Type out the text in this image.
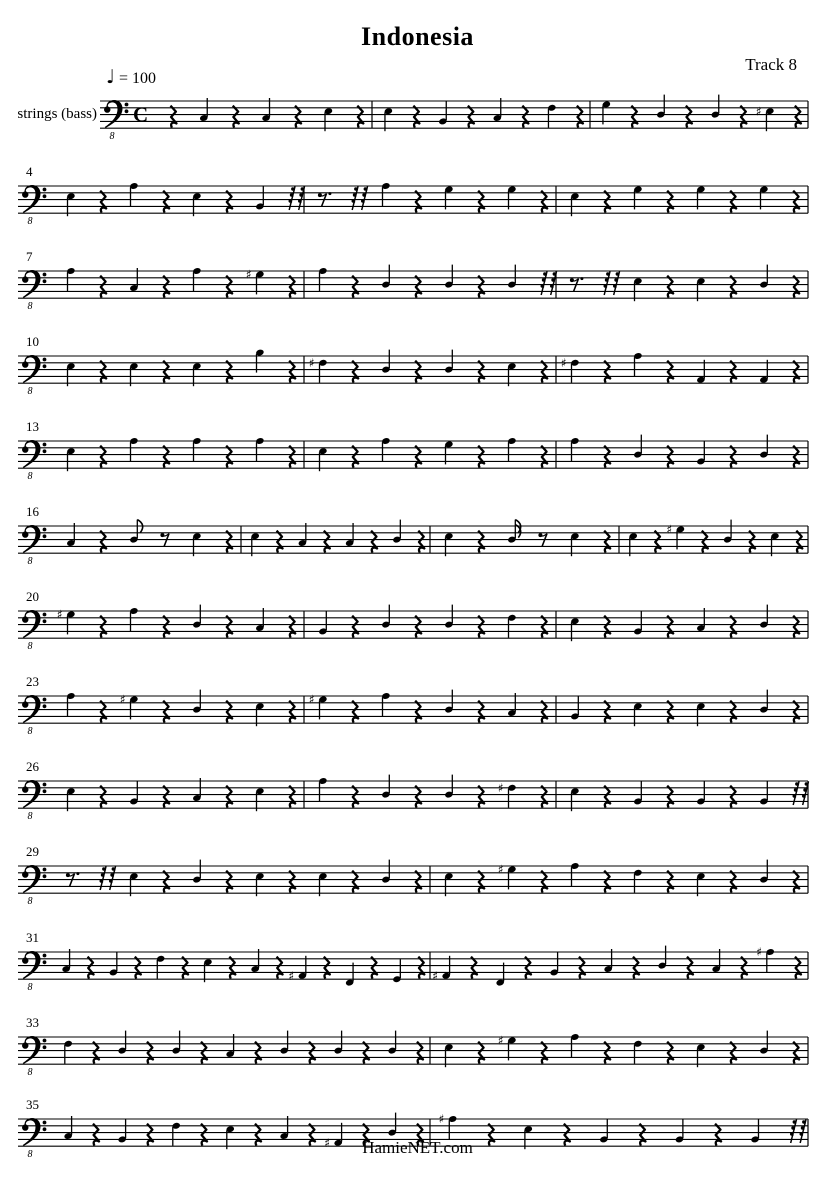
Indonesia
Track 8
♩ = 100
strings (bass)
8
C	♯
8
4
8
7
♯
8
10
♯	♯
8
13
8
16
♯
8
20
♯
8
23
♯	♯
8
26
♯
8
29
♯
8
31
♯	♯
♯
8
33
♯
8
35
♯
♯
HamieNET.com
